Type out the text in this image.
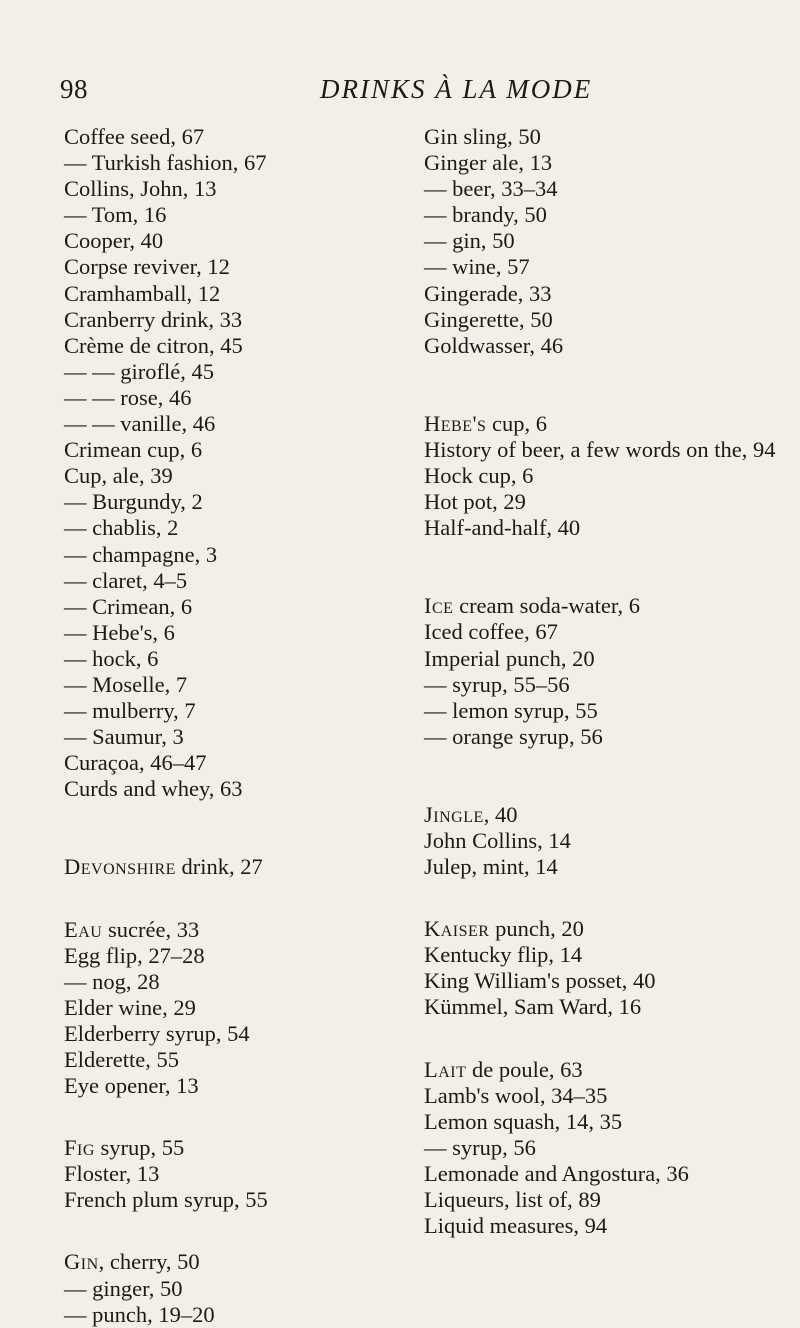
98	DRINKS À LA MODE
Coffee seed, 67
— Turkish fashion, 67
Collins, John, 13
— Tom, 16
Cooper, 40
Corpse reviver, 12
Cramhamball, 12
Cranberry drink, 33
Crème de citron, 45
— — giroflé, 45
— — rose, 46
— — vanille, 46
Crimean cup, 6
Cup, ale, 39
— Burgundy, 2
— chablis, 2
— champagne, 3
— claret, 4–5
— Crimean, 6
— Hebe's, 6
— hock, 6
— Moselle, 7
— mulberry, 7
— Saumur, 3
Curaçoa, 46–47
Curds and whey, 63
Devonshire drink, 27
Eau sucrée, 33
Egg flip, 27–28
— nog, 28
Elder wine, 29
Elderberry syrup, 54
Elderette, 55
Eye opener, 13
Fig syrup, 55
Floster, 13
French plum syrup, 55
Gin, cherry, 50
— ginger, 50
— punch, 19–20
Gin sling, 50
Ginger ale, 13
— beer, 33–34
— brandy, 50
— gin, 50
— wine, 57
Gingerade, 33
Gingerette, 50
Goldwasser, 46
Hebe's cup, 6
History of beer, a few words on the, 94
Hock cup, 6
Hot pot, 29
Half-and-half, 40
Ice cream soda-water, 6
Iced coffee, 67
Imperial punch, 20
— syrup, 55–56
— lemon syrup, 55
— orange syrup, 56
Jingle, 40
John Collins, 14
Julep, mint, 14
Kaiser punch, 20
Kentucky flip, 14
King William's posset, 40
Kümmel, Sam Ward, 16
Lait de poule, 63
Lamb's wool, 34–35
Lemon squash, 14, 35
— syrup, 56
Lemonade and Angostura, 36
Liqueurs, list of, 89
Liquid measures, 94
